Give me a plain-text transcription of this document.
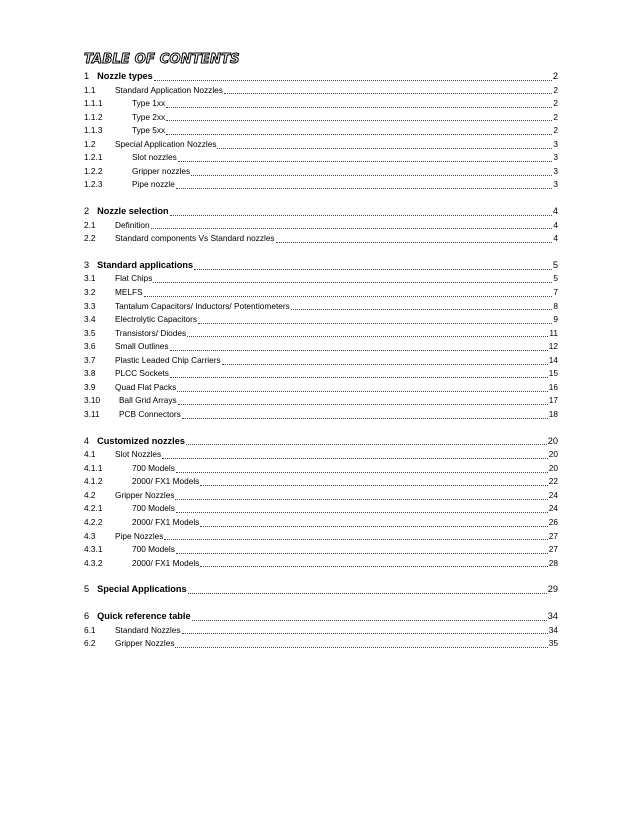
TABLE OF CONTENTS
1 Nozzle types	2
1.1	Standard Application Nozzles	2
1.1.1	Type 1xx	2
1.1.2	Type 2xx	2
1.1.3	Type 5xx	2
1.2	Special Application Nozzles	3
1.2.1	Slot nozzles	3
1.2.2	Gripper nozzles	3
1.2.3	Pipe nozzle	3
2 Nozzle selection	4
2.1	Definition	4
2.2	Standard components Vs Standard nozzles	4
3 Standard applications	5
3.1	Flat Chips	5
3.2	MELFS	7
3.3	Tantalum Capacitors/ Inductors/ Potentiometers	8
3.4	Electrolytic Capacitors	9
3.5	Transistors/ Diodes	11
3.6	Small Outlines	12
3.7	Plastic Leaded Chip Carriers	14
3.8	PLCC Sockets	15
3.9	Quad Flat Packs	16
3.10	Ball Grid Arrays	17
3.11	PCB Connectors	18
4 Customized nozzles	20
4.1	Slot Nozzles	20
4.1.1	700 Models	20
4.1.2	2000/ FX1 Models	22
4.2	Gripper Nozzles	24
4.2.1	700 Models	24
4.2.2	2000/ FX1 Models	26
4.3	Pipe Nozzles	27
4.3.1	700 Models	27
4.3.2	2000/ FX1 Models	28
5 Special Applications	29
6 Quick reference table	34
6.1	Standard Nozzles	34
6.2	Gripper Nozzles	35
